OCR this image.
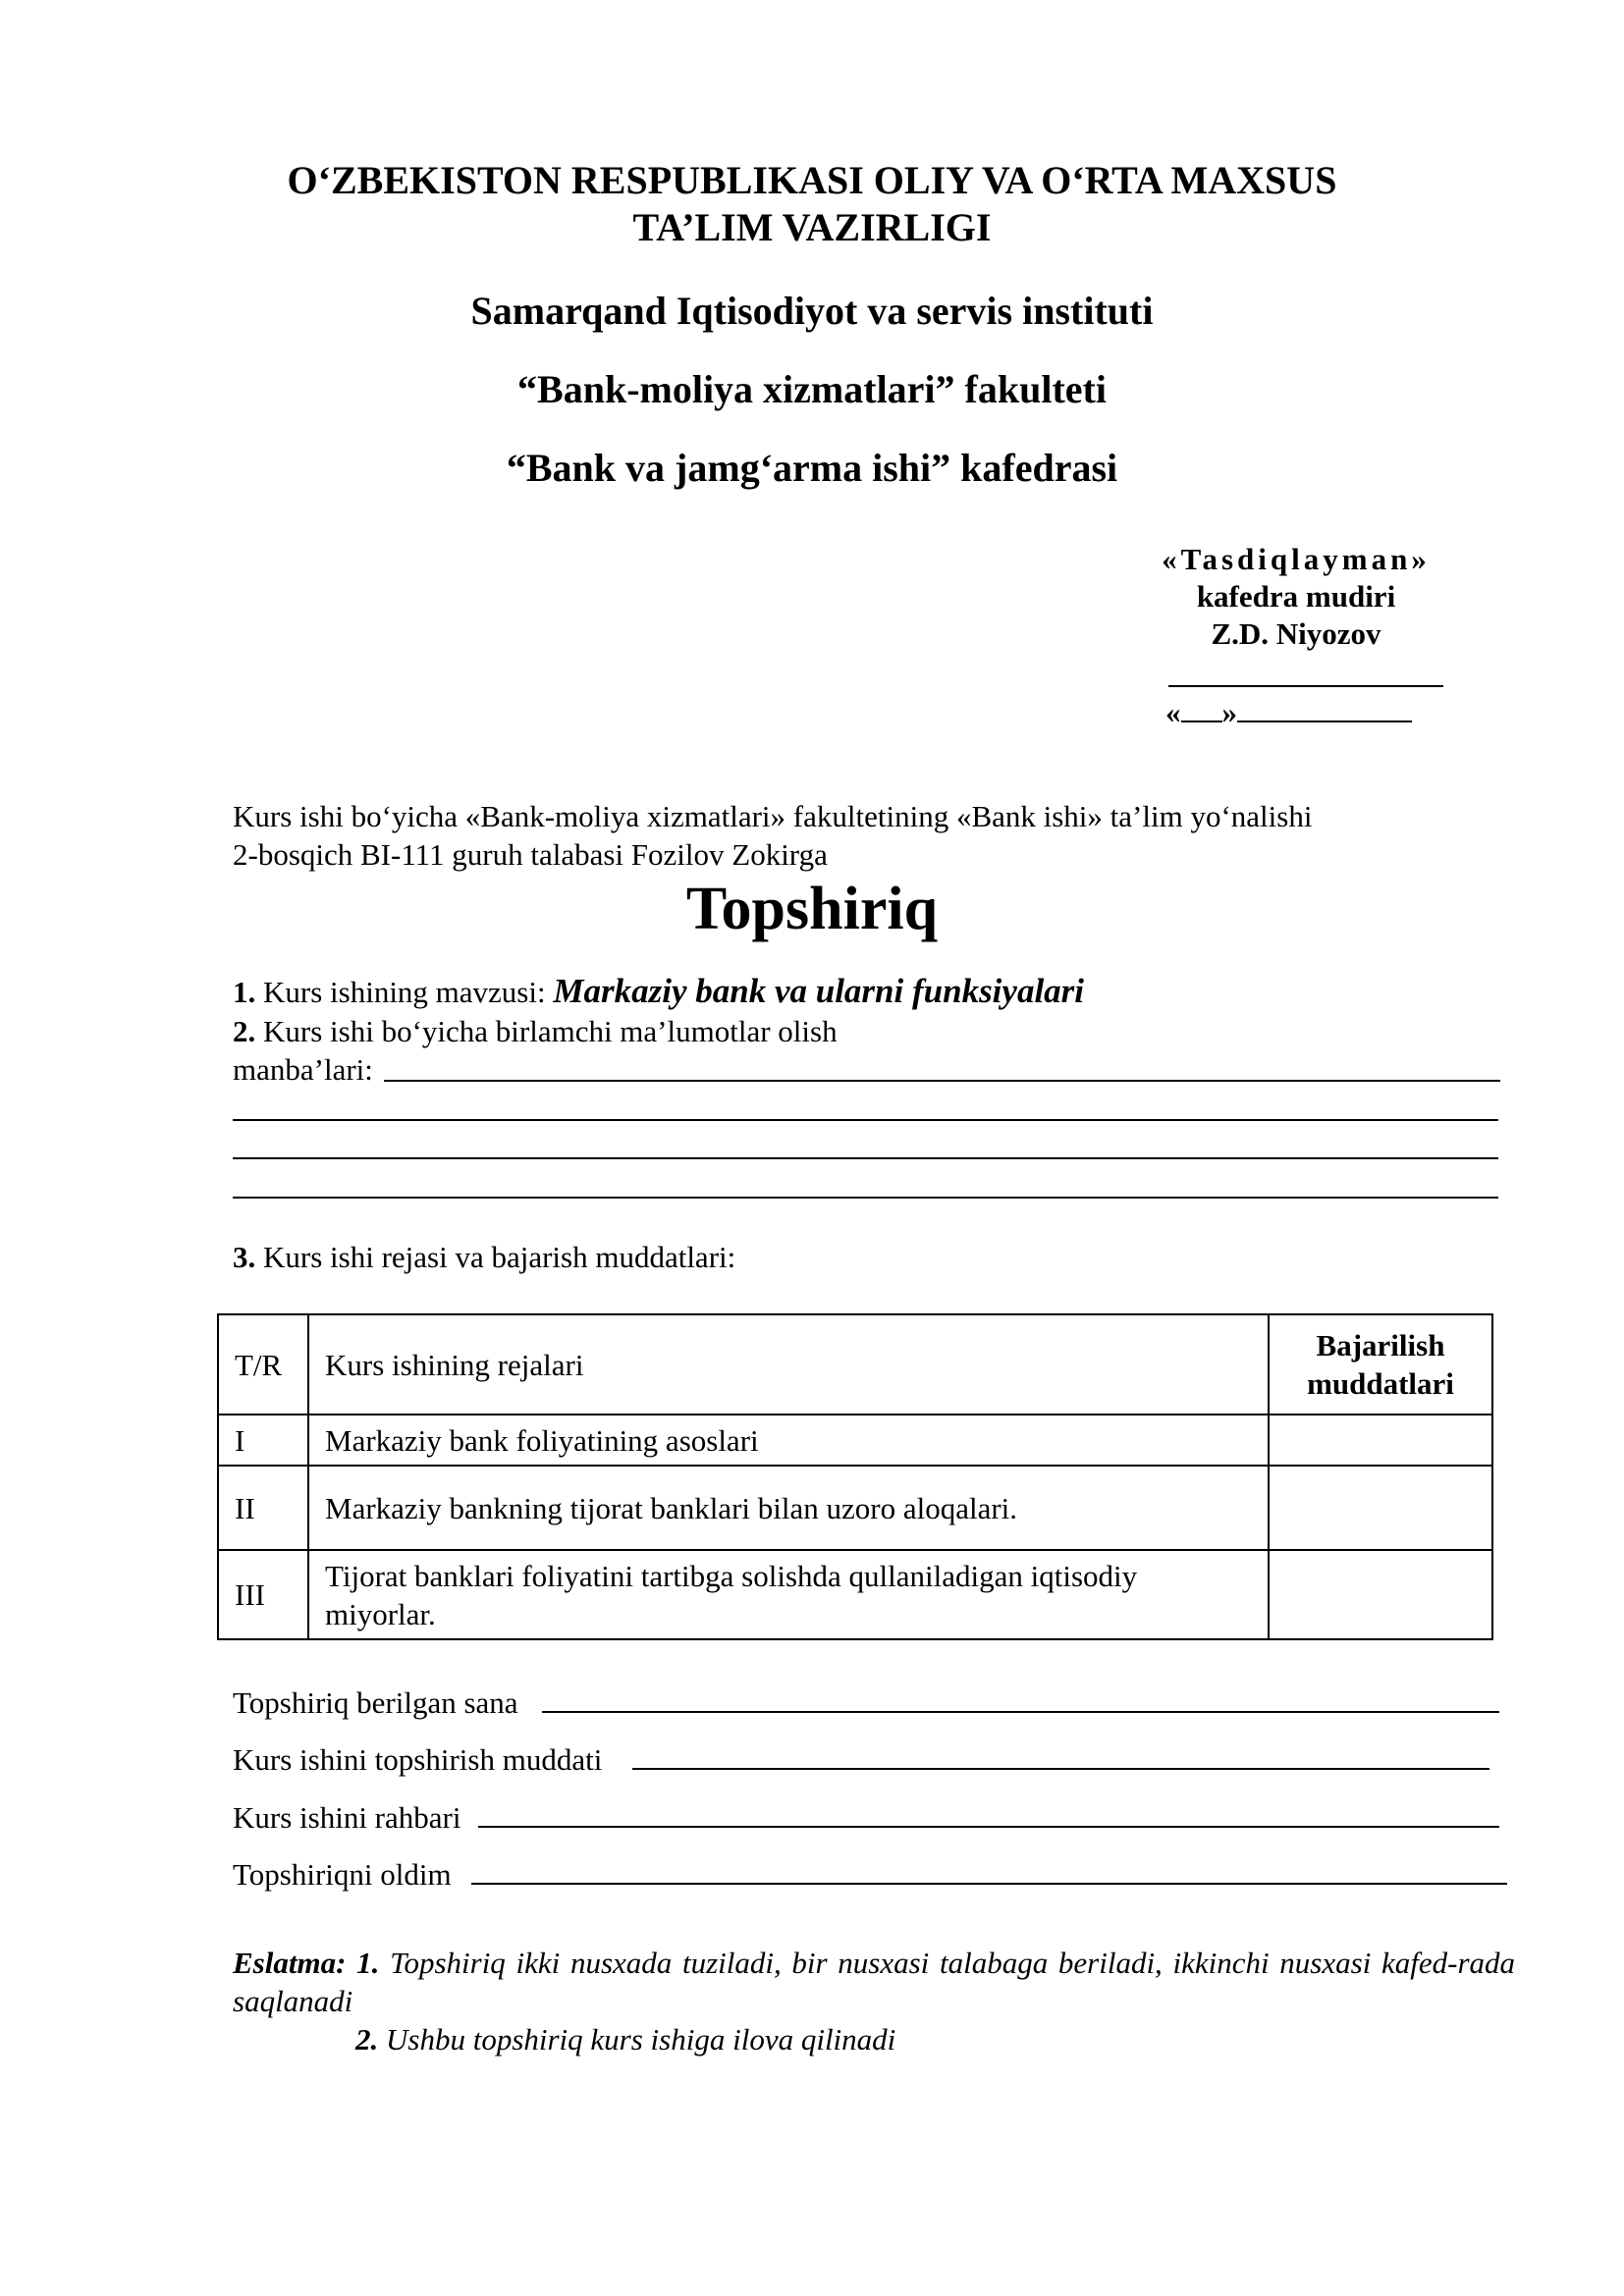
O‘ZBEKISTON RESPUBLIKASI OLIY VA O‘RTA MAXSUS
TA’LIM VAZIRLIGI
Samarqand Iqtisodiyot va servis instituti
“Bank-moliya xizmatlari” fakulteti
“Bank va jamg‘arma ishi” kafedrasi
«Tasdiqlayman»
kafedra mudiri
Z.D. Niyozov
« »
Kurs ishi bo‘yicha «Bank-moliya xizmatlari» fakultetining «Bank ishi» ta’lim yo‘nalishi
2-bosqich BI-111 guruh talabasi Fozilov Zokirga
Topshiriq
1. Kurs ishining mavzusi: Markaziy bank va ularni funksiyalari
2. Kurs ishi bo‘yicha birlamchi ma’lumotlar olish
manba’lari:
3. Kurs ishi rejasi va bajarish muddatlari:
T/R	Kurs ishining rejalari	Bajarilish muddatlari
I	Markaziy bank foliyatining asoslari	
II	Markaziy bankning tijorat banklari bilan uzoro aloqalari.	
III	Tijorat banklari foliyatini tartibga solishda qullaniladigan iqtisodiy miyorlar.	
Topshiriq berilgan sana
Kurs ishini topshirish muddati
Kurs ishini rahbari
Topshiriqni oldim
Eslatma: 1. Topshiriq ikki nusxada tuziladi, bir nusxasi talabaga beriladi, ikkinchi nusxasi kafed-rada saqlanadi
2. Ushbu topshiriq kurs ishiga ilova qilinadi
